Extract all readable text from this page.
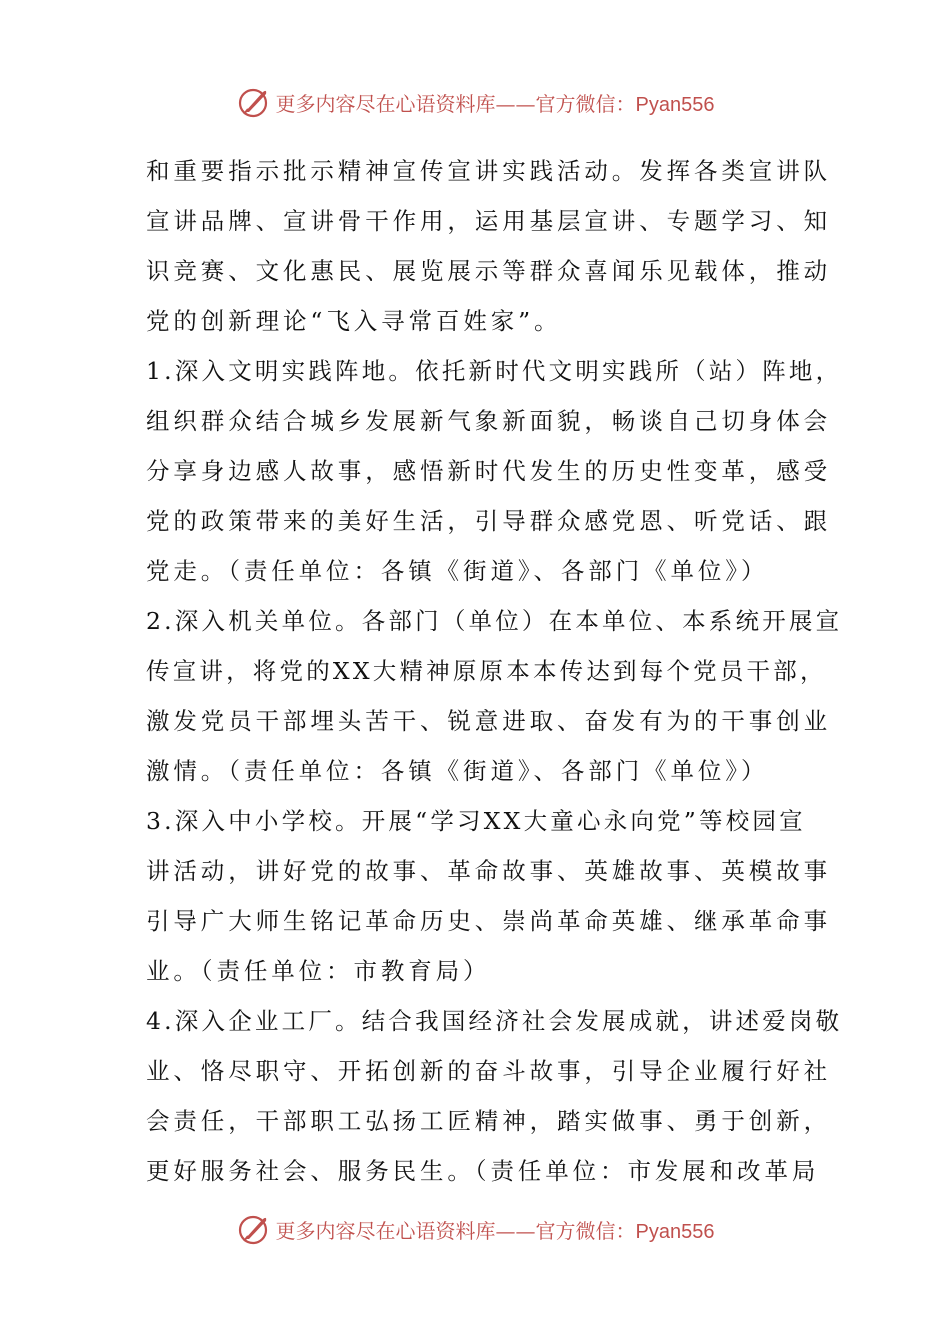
更多内容尽在心语资料库——官方微信：Pyan556
和重要指示批示精神宣传宣讲实践活动。发挥各类宣讲队
宣讲品牌、宣讲骨干作用，运用基层宣讲、专题学习、知
识竞赛、文化惠民、展览展示等群众喜闻乐见载体，推动
党的创新理论“飞入寻常百姓家”。
1.深入文明实践阵地。依托新时代文明实践所（站）阵地，
组织群众结合城乡发展新气象新面貌，畅谈自己切身体会
分享身边感人故事，感悟新时代发生的历史性变革，感受
党的政策带来的美好生活，引导群众感党恩、听党话、跟
党走。（责任单位：各镇《街道》、各部门《单位》）
2.深入机关单位。各部门（单位）在本单位、本系统开展宣
传宣讲，将党的XX大精神原原本本传达到每个党员干部，
激发党员干部埋头苦干、锐意进取、奋发有为的干事创业
激情。（责任单位：各镇《街道》、各部门《单位》）
3.深入中小学校。开展“学习XX大童心永向党”等校园宣
讲活动，讲好党的故事、革命故事、英雄故事、英模故事
引导广大师生铭记革命历史、崇尚革命英雄、继承革命事
业。（责任单位：市教育局）
4.深入企业工厂。结合我国经济社会发展成就，讲述爱岗敬
业、恪尽职守、开拓创新的奋斗故事，引导企业履行好社
会责任，干部职工弘扬工匠精神，踏实做事、勇于创新，
更好服务社会、服务民生。（责任单位：市发展和改革局
更多内容尽在心语资料库——官方微信：Pyan556
